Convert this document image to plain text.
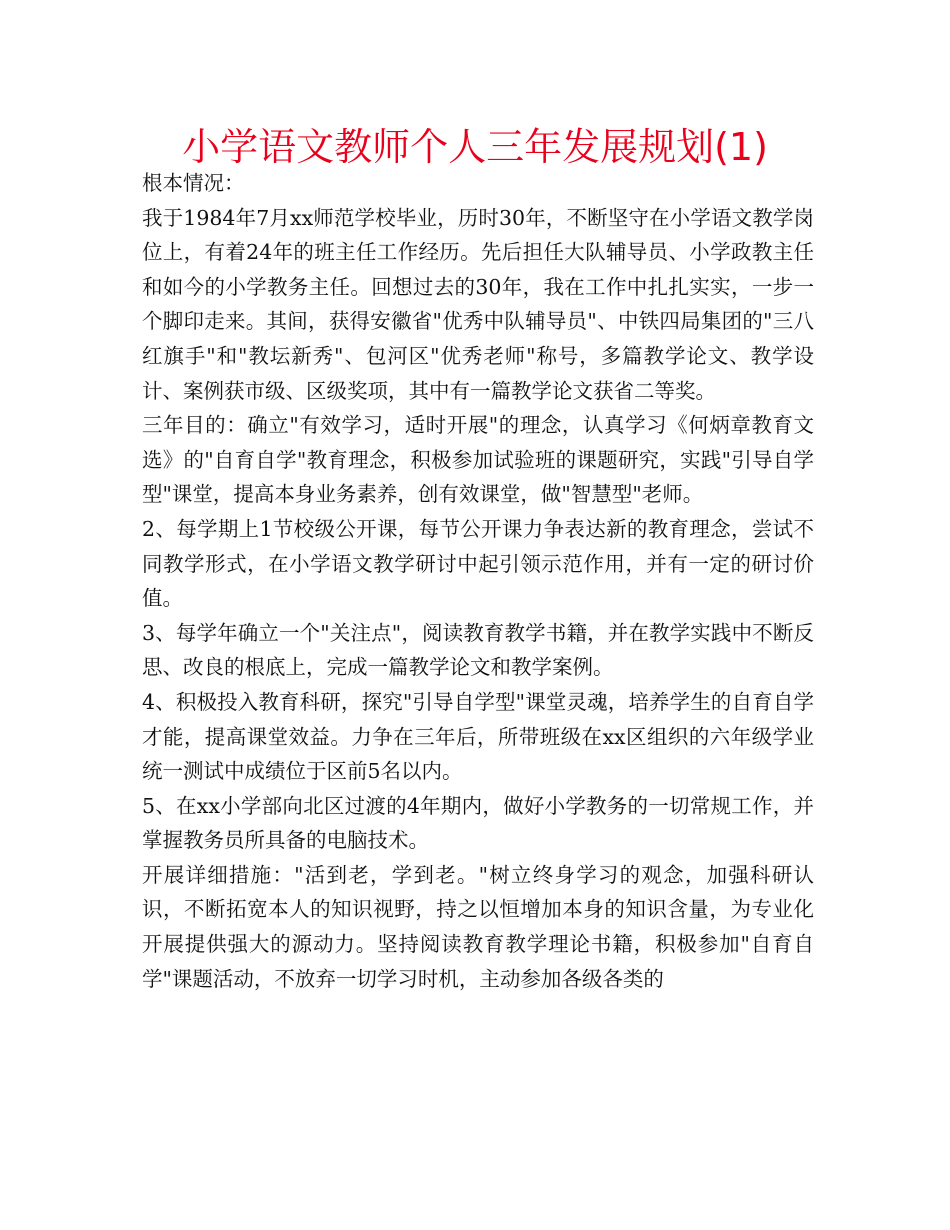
小学语文教师个人三年发展规划(1)

根本情况：

我于1984年7月xx师范学校毕业，历时30年，不断坚守在小学语文教学岗位上，有着24年的班主任工作经历。先后担任大队辅导员、小学政教主任和如今的小学教务主任。回想过去的30年，我在工作中扎扎实实，一步一个脚印走来。其间，获得安徽省"优秀中队辅导员"、中铁四局集团的"三八红旗手"和"教坛新秀"、包河区"优秀老师"称号，多篇教学论文、教学设计、案例获市级、区级奖项，其中有一篇教学论文获省二等奖。

三年目的：确立"有效学习，适时开展"的理念，认真学习《何炳章教育文选》的"自育自学"教育理念，积极参加试验班的课题研究，实践"引导自学型"课堂，提高本身业务素养，创有效课堂，做"智慧型"老师。

2、每学期上1节校级公开课，每节公开课力争表达新的教育理念，尝试不同教学形式，在小学语文教学研讨中起引领示范作用，并有一定的研讨价值。

3、每学年确立一个"关注点"，阅读教育教学书籍，并在教学实践中不断反思、改良的根底上，完成一篇教学论文和教学案例。

4、积极投入教育科研，探究"引导自学型"课堂灵魂，培养学生的自育自学才能，提高课堂效益。力争在三年后，所带班级在xx区组织的六年级学业统一测试中成绩位于区前5名以内。

5、在xx小学部向北区过渡的4年期内，做好小学教务的一切常规工作，并掌握教务员所具备的电脑技术。

开展详细措施："活到老，学到老。"树立终身学习的观念，加强科研认识，不断拓宽本人的知识视野，持之以恒增加本身的知识含量，为专业化开展提供强大的源动力。坚持阅读教育教学理论书籍，积极参加"自育自学"课题活动，不放弃一切学习时机，主动参加各级各类的
